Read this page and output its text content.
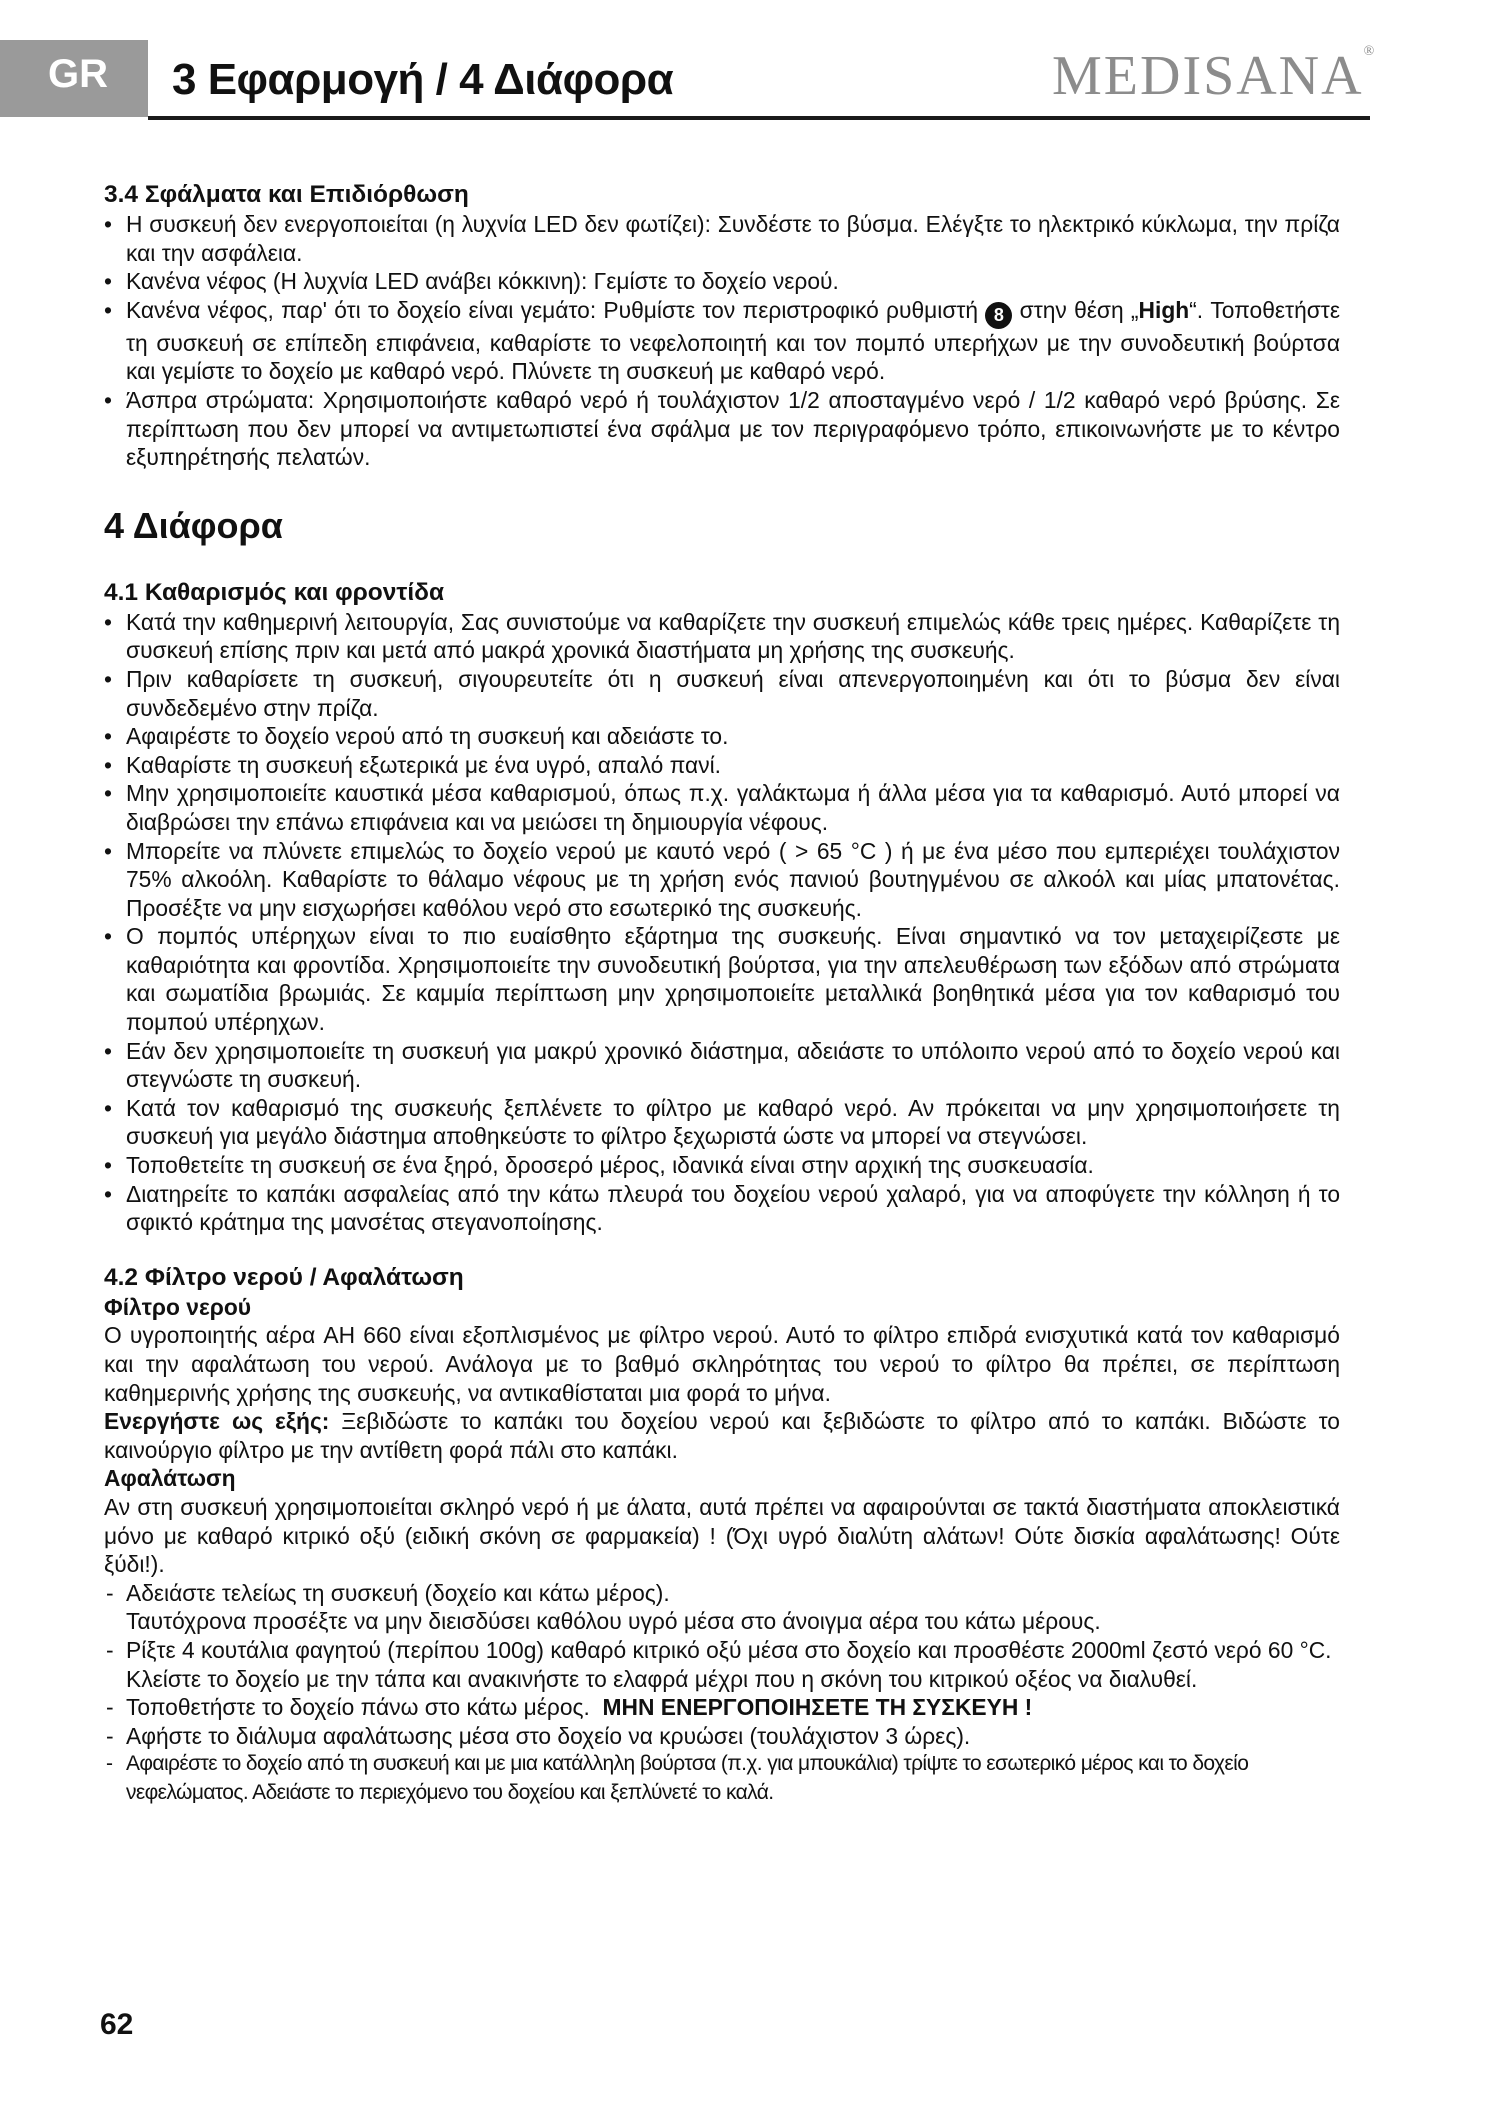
GR 3 Εφαρμογή / 4 Διάφορα	MEDISANA®
3.4 Σφάλματα και Επιδιόρθωση
• Η συσκευή δεν ενεργοποιείται (η λυχνία LED δεν φωτίζει): Συνδέστε το βύσμα. Ελέγξτε το ηλεκτρικό κύκλωμα, την πρίζα και την ασφάλεια.
• Κανένα νέφος (Η λυχνία LED ανάβει κόκκινη): Γεμίστε το δοχείο νερού.
• Κανένα νέφος, παρ' ότι το δοχείο είναι γεμάτο: Ρυθμίστε τον περιστροφικό ρυθμιστή 8 στην θέση „High“. Τοποθετήστε τη συσκευή σε επίπεδη επιφάνεια, καθαρίστε το νεφελοποιητή και τον πομπό υπερήχων με την συνοδευτική βούρτσα και γεμίστε το δοχείο με καθαρό νερό. Πλύνετε τη συσκευή με καθαρό νερό.
• Άσπρα στρώματα: Χρησιμοποιήστε καθαρό νερό ή τουλάχιστον 1/2 αποσταγμένο νερό / 1/2 καθαρό νερό βρύσης. Σε περίπτωση που δεν μπορεί να αντιμετωπιστεί ένα σφάλμα με τον περιγραφόμενο τρόπο, επικοινωνήστε με το κέντρο εξυπηρέτησής πελατών.
4 Διάφορα
4.1 Καθαρισμός και φροντίδα
• Κατά την καθημερινή λειτουργία, Σας συνιστούμε να καθαρίζετε την συσκευή επιμελώς κάθε τρεις ημέρες. Καθαρίζετε τη συσκευή επίσης πριν και μετά από μακρά χρονικά διαστήματα μη χρήσης της συσκευής.
• Πριν καθαρίσετε τη συσκευή, σιγουρευτείτε ότι η συσκευή είναι απενεργοποιημένη και ότι το βύσμα δεν είναι συνδεδεμένο στην πρίζα.
• Αφαιρέστε το δοχείο νερού από τη συσκευή και αδειάστε το.
• Καθαρίστε τη συσκευή εξωτερικά με ένα υγρό, απαλό πανί.
• Μην χρησιμοποιείτε καυστικά μέσα καθαρισμού, όπως π.χ. γαλάκτωμα ή άλλα μέσα για τα καθαρισμό. Αυτό μπορεί να διαβρώσει την επάνω επιφάνεια και να μειώσει τη δημιουργία νέφους.
• Μπορείτε να πλύνετε επιμελώς το δοχείο νερού με καυτό νερό ( > 65 °C ) ή με ένα μέσο που εμπεριέχει τουλάχιστον 75% αλκοόλη. Καθαρίστε το θάλαμο νέφους με τη χρήση ενός πανιού βουτηγμένου σε αλκοόλ και μίας μπατονέτας. Προσέξτε να μην εισχωρήσει καθόλου νερό στο εσωτερικό της συσκευής.
• Ο πομπός υπέρηχων είναι το πιο ευαίσθητο εξάρτημα της συσκευής. Είναι σημαντικό να τον μεταχειρίζεστε με καθαριότητα και φροντίδα. Χρησιμοποιείτε την συνοδευτική βούρτσα, για την απελευθέρωση των εξόδων από στρώματα και σωματίδια βρωμιάς. Σε καμμία περίπτωση μην χρησιμοποιείτε μεταλλικά βοηθητικά μέσα για τον καθαρισμό του πομπού υπέρηχων.
• Εάν δεν χρησιμοποιείτε τη συσκευή για μακρύ χρονικό διάστημα, αδειάστε το υπόλοιπο νερού από το δοχείο νερού και στεγνώστε τη συσκευή.
• Κατά τον καθαρισμό της συσκευής ξεπλένετε το φίλτρο με καθαρό νερό. Αν πρόκειται να μην χρησιμοποιήσετε τη συσκευή για μεγάλο διάστημα αποθηκεύστε το φίλτρο ξεχωριστά ώστε να μπορεί να στεγνώσει.
• Τοποθετείτε τη συσκευή σε ένα ξηρό, δροσερό μέρος, ιδανικά είναι στην αρχική της συσκευασία.
• Διατηρείτε το καπάκι ασφαλείας από την κάτω πλευρά του δοχείου νερού χαλαρό, για να αποφύγετε την κόλληση ή το σφικτό κράτημα της μανσέτας στεγανοποίησης.
4.2 Φίλτρο νερού / Αφαλάτωση
Φίλτρο νερού

Ο υγροποιητής αέρα AH 660 είναι εξοπλισμένος με φίλτρο νερού. Αυτό το φίλτρο επιδρά ενισχυτικά κατά τον καθαρισμό και την αφαλάτωση του νερού. Ανάλογα με το βαθμό σκληρότητας του νερού το φίλτρο θα πρέπει, σε περίπτωση καθημερινής χρήσης της συσκευής, να αντικαθίσταται μια φορά το μήνα.

Ενεργήστε ως εξής: Ξεβιδώστε το καπάκι του δοχείου νερού και ξεβιδώστε το φίλτρο από το καπάκι. Βιδώστε το καινούργιο φίλτρο με την αντίθετη φορά πάλι στο καπάκι.

Αφαλάτωση

Αν στη συσκευή χρησιμοποιείται σκληρό νερό ή με άλατα, αυτά πρέπει να αφαιρούνται σε τακτά διαστήματα αποκλειστικά μόνο με καθαρό κιτρικό οξύ (ειδική σκόνη σε φαρμακεία) ! (Όχι υγρό διαλύτη αλάτων! Ούτε δισκία αφαλάτωσης! Ούτε ξύδι!).

- Αδειάστε τελείως τη συσκευή (δοχείο και κάτω μέρος).
Ταυτόχρονα προσέξτε να μην διεισδύσει καθόλου υγρό μέσα στο άνοιγμα αέρα του κάτω μέρους.
- Ρίξτε 4 κουτάλια φαγητού (περίπου 100g) καθαρό κιτρικό οξύ μέσα στο δοχείο και προσθέστε 2000ml ζεστό νερό 60 °C. Κλείστε το δοχείο με την τάπα και ανακινήστε το ελαφρά μέχρι που η σκόνη του κιτρικού οξέος να διαλυθεί.
- Τοποθετήστε το δοχείο πάνω στο κάτω μέρος. ΜΗΝ ΕΝΕΡΓΟΠΟΙΗΣΕΤΕ ΤΗ ΣΥΣΚΕΥΗ !
- Αφήστε το διάλυμα αφαλάτωσης μέσα στο δοχείο να κρυώσει (τουλάχιστον 3 ώρες).
- Αφαιρέστε το δοχείο από τη συσκευή και με μια κατάλληλη βούρτσα (π.χ. για μπουκάλια) τρίψτε το εσωτερικό μέρος και το δοχείο νεφελώματος. Αδειάστε το περιεχόμενο του δοχείου και ξεπλύνετέ το καλά.
62
